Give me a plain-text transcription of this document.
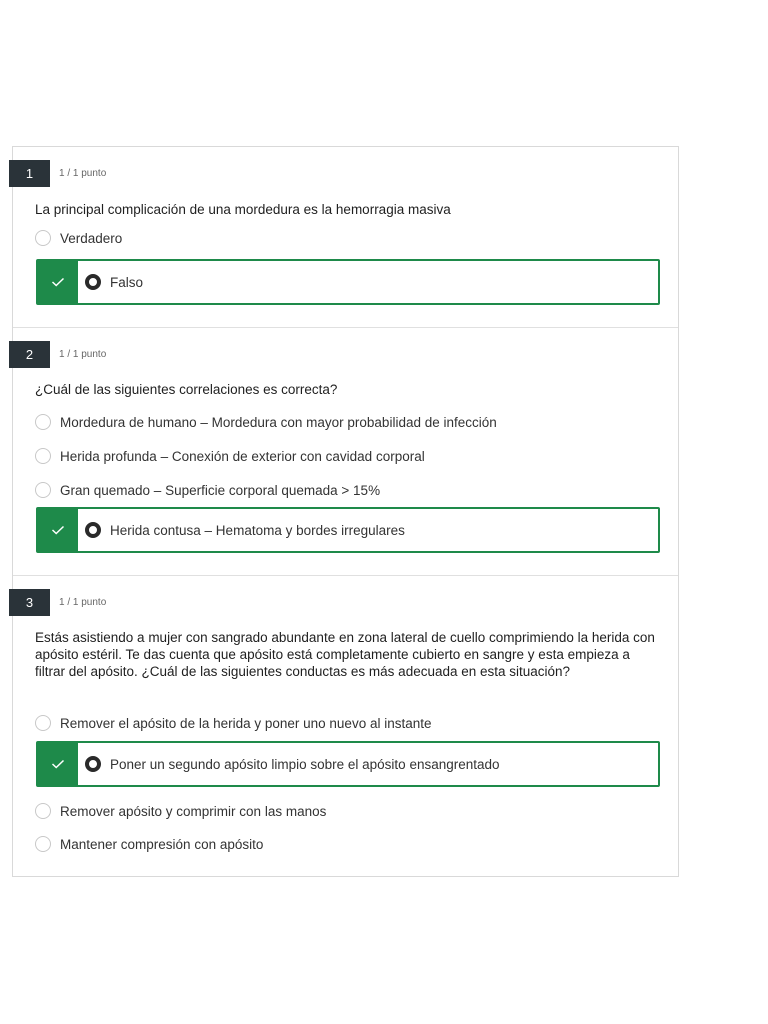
1	1 / 1 punto
La principal complicación de una mordedura es la hemorragia masiva
Verdadero
Falso
2	1 / 1 punto
¿Cuál de las siguientes correlaciones es correcta?
Mordedura de humano – Mordedura con mayor probabilidad de infección
Herida profunda – Conexión de exterior con cavidad corporal
Gran quemado – Superficie corporal quemada > 15%
Herida contusa – Hematoma y bordes irregulares
3	1 / 1 punto
Estás asistiendo a mujer con sangrado abundante en zona lateral de cuello comprimiendo la herida con apósito estéril. Te das cuenta que apósito está completamente cubierto en sangre y esta empieza a filtrar del apósito. ¿Cuál de las siguientes conductas es más adecuada en esta situación?
Remover el apósito de la herida y poner uno nuevo al instante
Poner un segundo apósito limpio sobre el apósito ensangrentado
Remover apósito y comprimir con las manos
Mantener compresión con apósito
